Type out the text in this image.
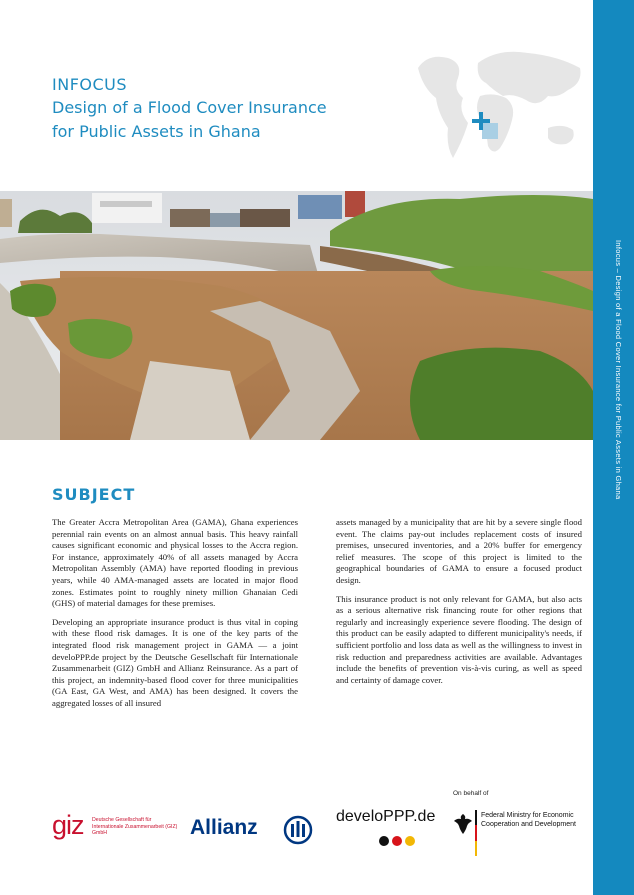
Infocus – Design of a Flood Cover Insurance for Public Assets in Ghana
INFOCUS
Design of a Flood Cover Insurance for Public Assets in Ghana
SUBJECT

The Greater Accra Metropolitan Area (GAMA), Ghana experiences perennial rain events on an almost annual basis. This heavy rainfall causes significant economic and physical losses to the Accra region. For instance, approximately 40% of all assets managed by Accra Metropolitan Assembly (AMA) have reported flooding in previous years, while 40 AMA-managed assets are located in major flood zones. Estimates point to roughly ninety million Ghanaian Cedi (GHS) of material damages for these premises.

Developing an appropriate insurance product is thus vital in coping with these flood risk damages. It is one of the key parts of the integrated flood risk management project in GAMA — a joint develoPPP.de project by the Deutsche Gesellschaft für Internationale Zusammenarbeit (GIZ) GmbH and Allianz Reinsurance. As a part of this project, an indemnity-based flood cover for three municipalities (GA East, GA West, and AMA) has been designed. It covers the aggregated losses of all insured

assets managed by a municipality that are hit by a severe single flood event. The claims pay-out includes replacement costs of insured premises, unsecured inventories, and a 20% buffer for emergency relief measures. The scope of this project is limited to the geographical boundaries of GAMA to ensure a focused product design.

This insurance product is not only relevant for GAMA, but also acts as a serious alternative risk financing route for other regions that regularly and increasingly experience severe flooding. The design of this product can be easily adapted to different municipality's needs, if sufficient portfolio and loss data as well as the willingness to invest in risk reduction and preparedness activities are available. Advantages include the benefits of prevention vis-à-vis curing, as well as speed and certainty of damage cover.

On behalf of
giz Deutsche Gesellschaft für Internationale Zusammenarbeit (GIZ) GmbH	Allianz	develoPPP.de	Federal Ministry for Economic Cooperation and Development
